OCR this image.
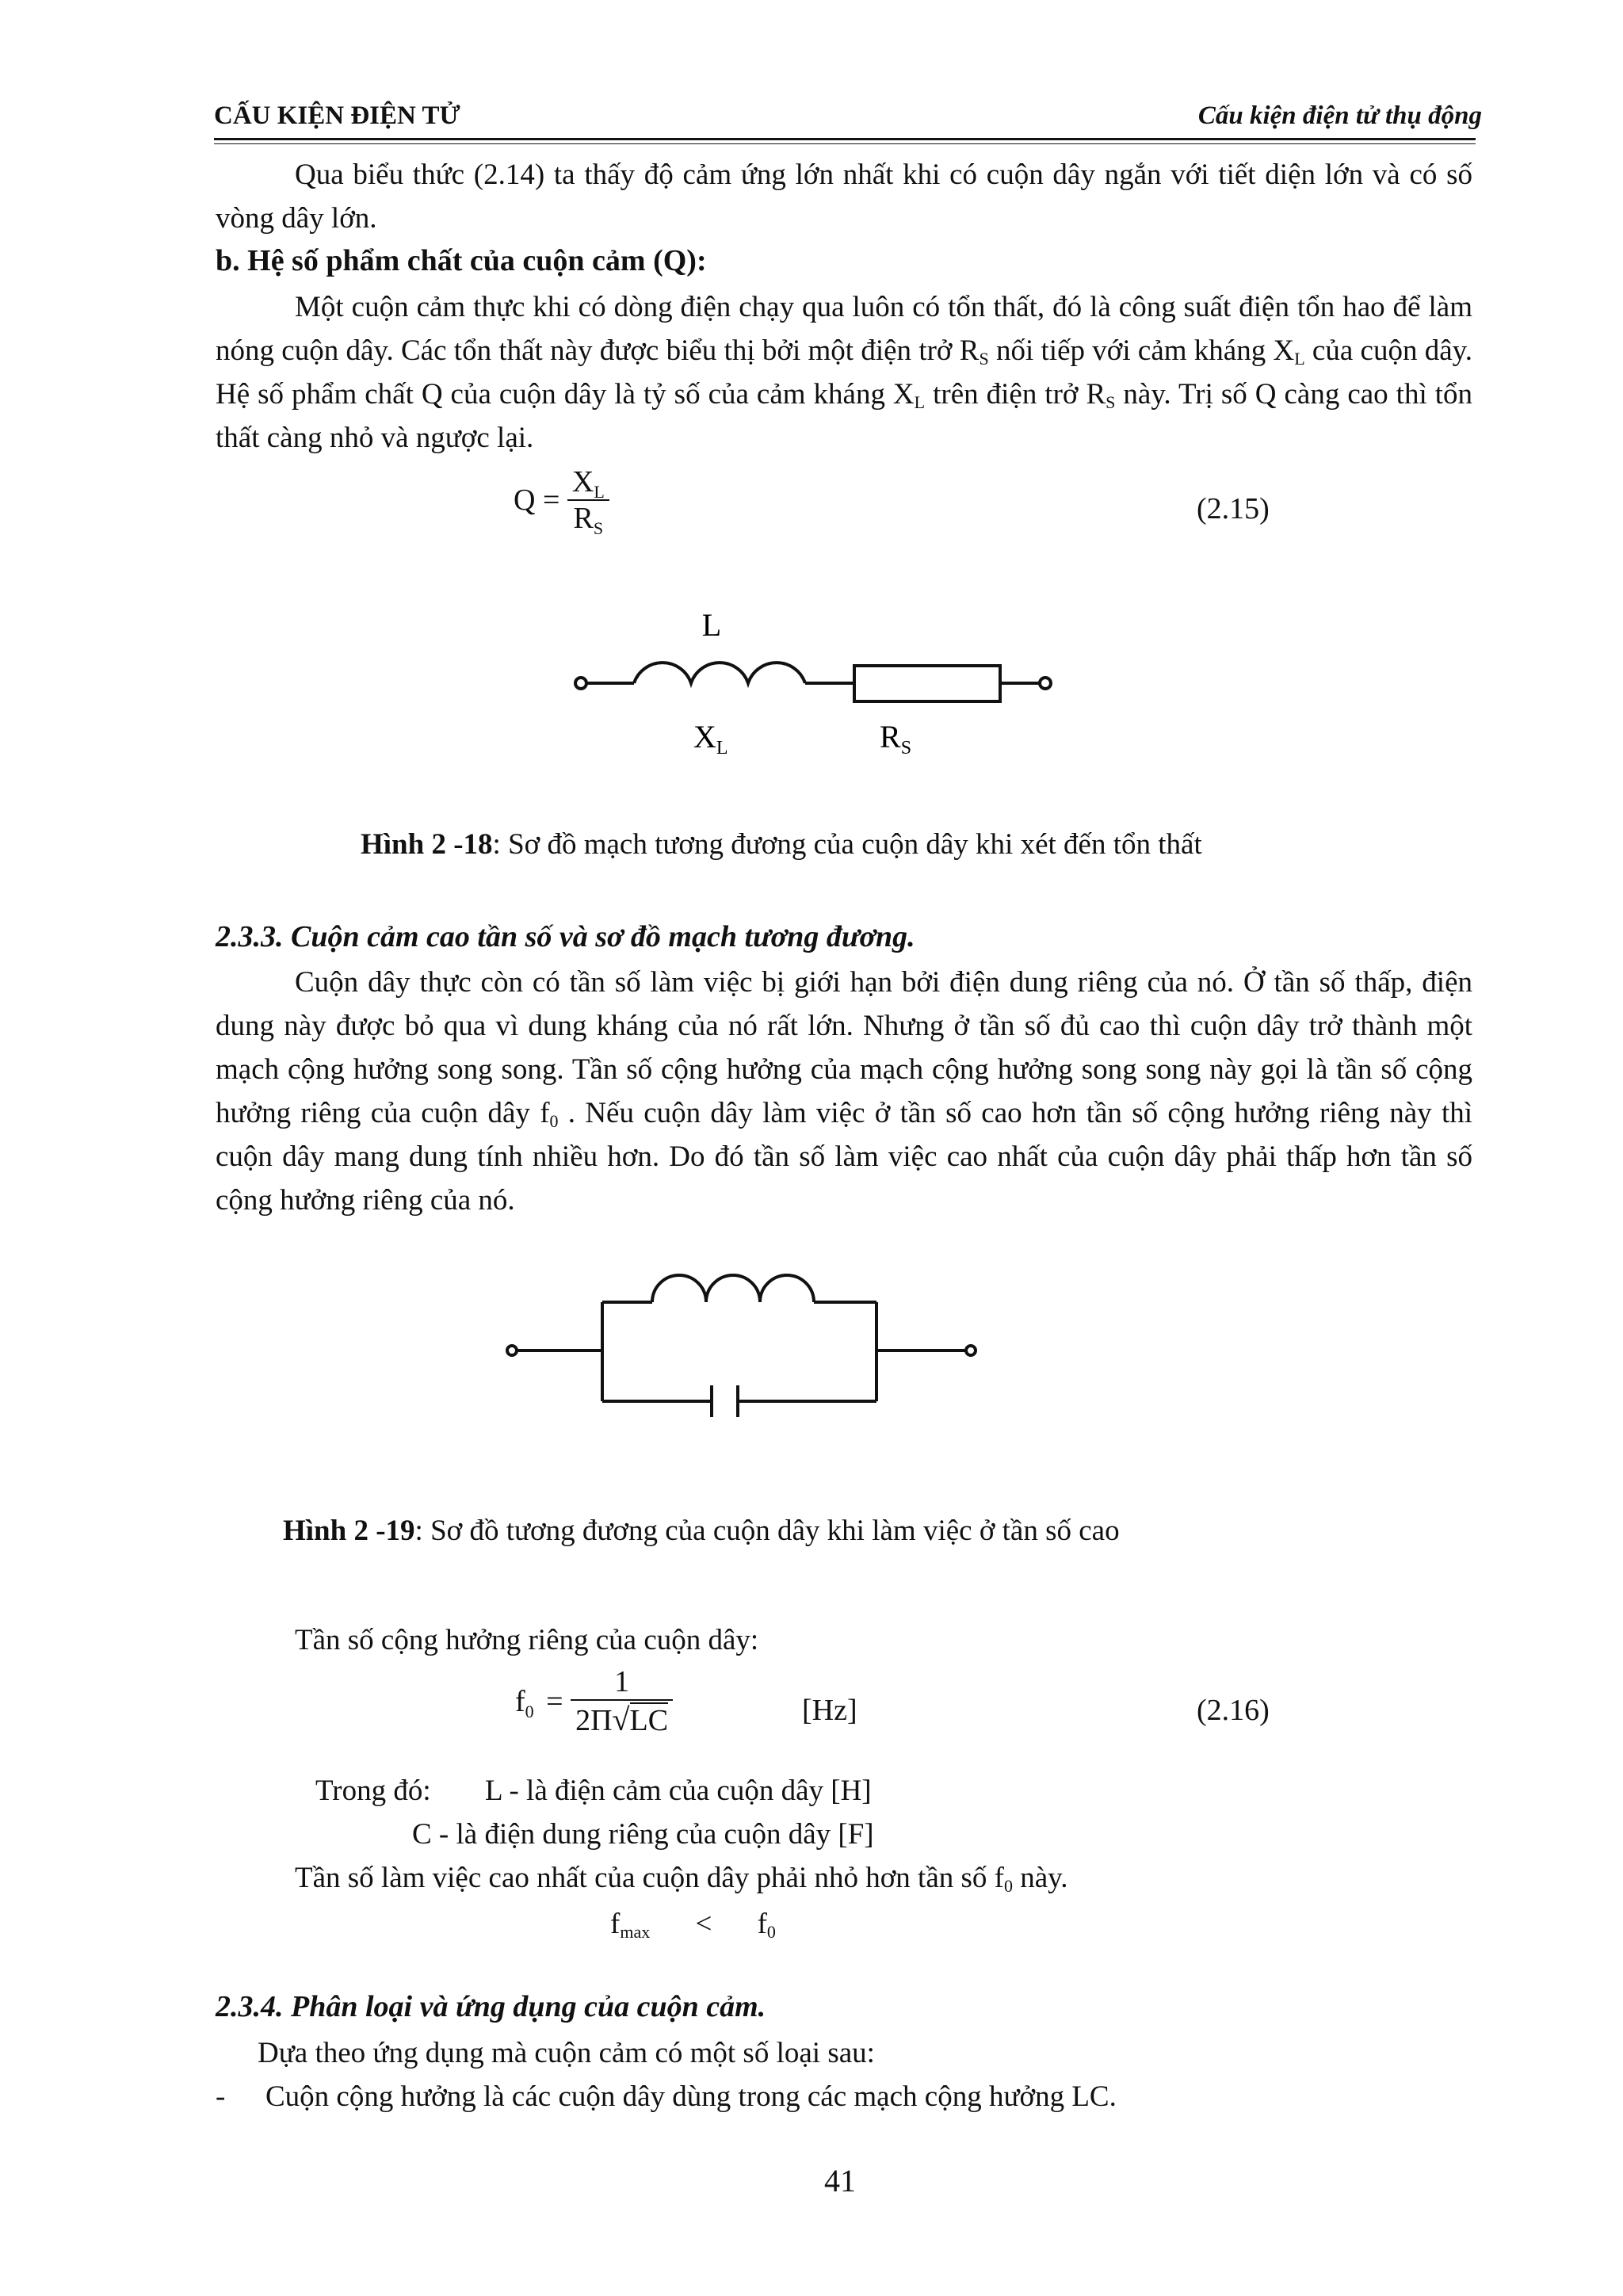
CẤU KIỆN ĐIỆN TỬ	Cấu kiện điện tử thụ động

Qua biểu thức (2.14) ta thấy độ cảm ứng lớn nhất khi có cuộn dây ngắn với tiết diện lớn và có số vòng dây lớn.

b. Hệ số phẩm chất của cuộn cảm (Q):

Một cuộn cảm thực khi có dòng điện chạy qua luôn có tổn thất, đó là công suất điện tổn hao để làm nóng cuộn dây. Các tổn thất này được biểu thị bởi một điện trở $R_S$ nối tiếp với cảm kháng $X_L$ của cuộn dây. Hệ số phẩm chất Q của cuộn dây là tỷ số của cảm kháng $X_L$ trên điện trở $R_S$ này. Trị số Q càng cao thì tổn thất càng nhỏ và ngược lại.

$Q = \frac{X_L}{R_S}$	(2.15)
L
$X_L$	$R_S$
Hình 2 -18: Sơ đồ mạch tương đương của cuộn dây khi xét đến tổn thất
2.3.3. Cuộn cảm cao tần số và sơ đồ mạch tương đương.

Cuộn dây thực còn có tần số làm việc bị giới hạn bởi điện dung riêng của nó. Ở tần số thấp, điện dung này được bỏ qua vì dung kháng của nó rất lớn. Nhưng ở tần số đủ cao thì cuộn dây trở thành một mạch cộng hưởng song song. Tần số cộng hưởng của mạch cộng hưởng song song này gọi là tần số cộng hưởng riêng của cuộn dây $f_0$ . Nếu cuộn dây làm việc ở tần số cao hơn tần số cộng hưởng riêng này thì cuộn dây mang dung tính nhiều hơn. Do đó tần số làm việc cao nhất của cuộn dây phải thấp hơn tần số cộng hưởng riêng của nó.

Hình 2 -19: Sơ đồ tương đương của cuộn dây khi làm việc ở tần số cao
Tần số cộng hưởng riêng của cuộn dây:
$f_0 = \frac{1}{2\Pi√LC}$	[Hz]	(2.16)
Trong đó: L - là điện cảm của cuộn dây [H]
C - là điện dung riêng của cuộn dây [F]
Tần số làm việc cao nhất của cuộn dây phải nhỏ hơn tần số $f_0$ này.
$f_{max} < f_0$
2.3.4. Phân loại và ứng dụng của cuộn cảm.
Dựa theo ứng dụng mà cuộn cảm có một số loại sau:
- Cuộn cộng hưởng là các cuộn dây dùng trong các mạch cộng hưởng LC.
41
